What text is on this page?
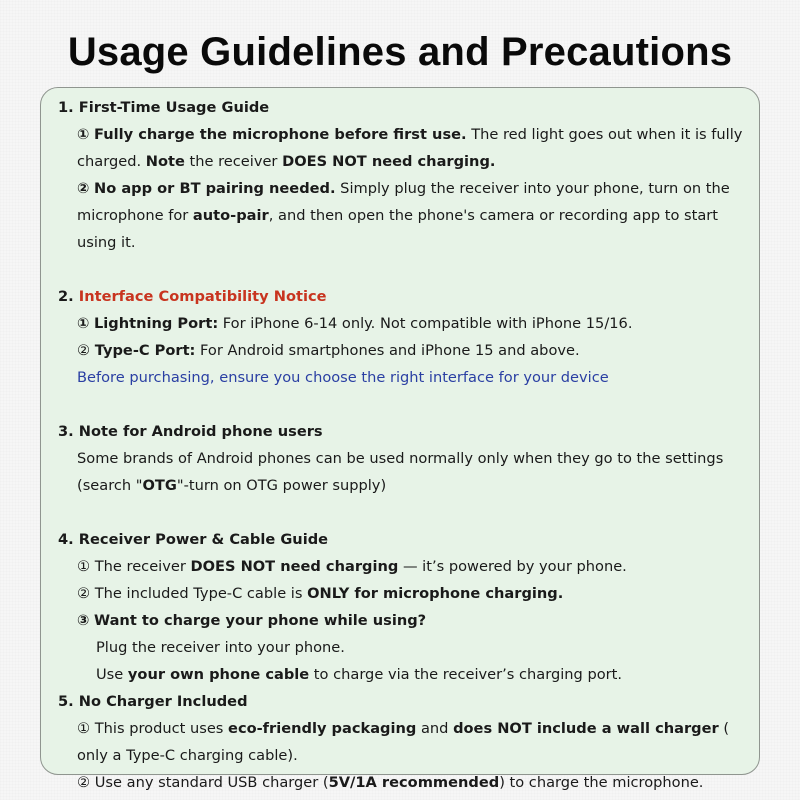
Usage Guidelines and Precautions
1. First-Time Usage Guide

① Fully charge the microphone before first use. The red light goes out when it is fully charged. Note the receiver DOES NOT need charging.

② No app or BT pairing needed. Simply plug the receiver into your phone, turn on the microphone for auto-pair, and then open the phone's camera or recording app to start using it.

2. Interface Compatibility Notice
① Lightning Port: For iPhone 6-14 only. Not compatible with iPhone 15/16.
② Type-C Port: For Android smartphones and iPhone 15 and above.
Before purchasing, ensure you choose the right interface for your device
3. Note for Android phone users

Some brands of Android phones can be used normally only when they go to the settings (search "OTG"-turn on OTG power supply)

4. Receiver Power & Cable Guide
① The receiver DOES NOT need charging — it’s powered by your phone.
② The included Type-C cable is ONLY for microphone charging.
③ Want to charge your phone while using?
Plug the receiver into your phone.
Use your own phone cable to charge via the receiver’s charging port.
5. No Charger Included

① This product uses eco-friendly packaging and does NOT include a wall charger ( only a Type-C charging cable).

② Use any standard USB charger (5V/1A recommended) to charge the microphone.
